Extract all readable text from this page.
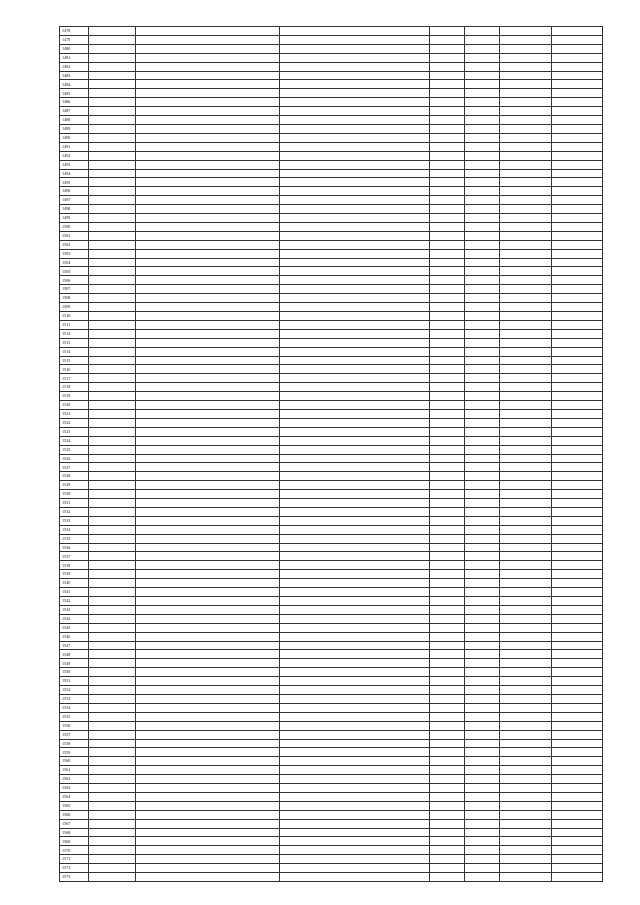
1478							
1479							
1480							
1481							
1482							
1483							
1484							
1485							
1486							
1487							
1488							
1489							
1490							
1491							
1492							
1493							
1494							
1495							
1496							
1497							
1498							
1499							
1500							
1501							
1502							
1503							
1504							
1505							
1506							
1507							
1508							
1509							
1510							
1511							
1512							
1513							
1514							
1515							
1516							
1517							
1518							
1519							
1520							
1521							
1522							
1523							
1524							
1525							
1526							
1527							
1528							
1529							
1530							
1531							
1532							
1533							
1534							
1535							
1536							
1537							
1538							
1539							
1540							
1541							
1542							
1543							
1544							
1545							
1546							
1547							
1548							
1549							
1550							
1551							
1552							
1553							
1554							
1555							
1556							
1557							
1558							
1559							
1560							
1561							
1562							
1563							
1564							
1565							
1566							
1567							
1568							
1569							
1570							
1571							
1572							
1573							
